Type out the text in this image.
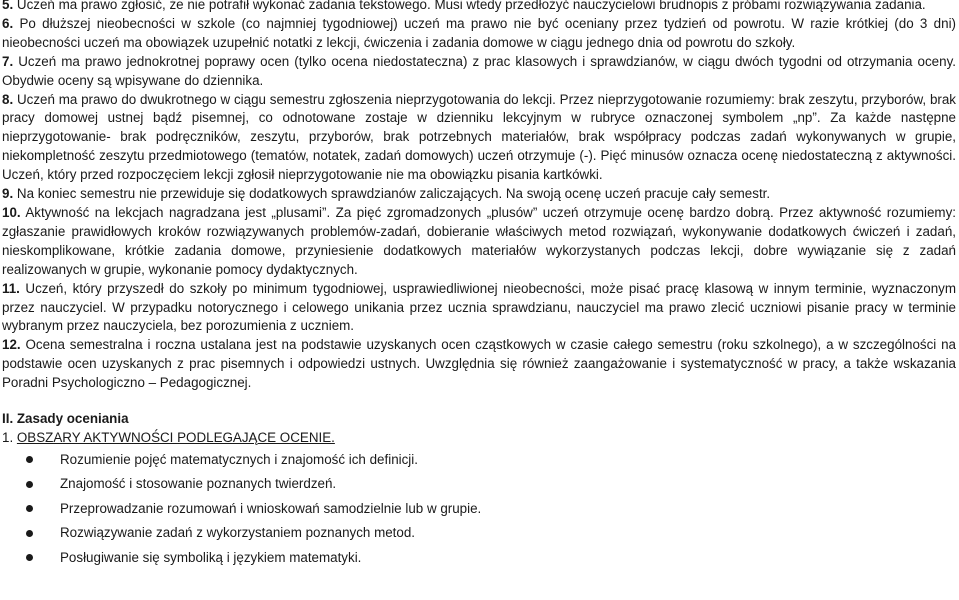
5. Uczeń ma prawo zgłosić, że nie potrafił wykonać zadania tekstowego. Musi wtedy przedłożyć nauczycielowi brudnopis z próbami rozwiązywania zadania.

6. Po dłuższej nieobecności w szkole (co najmniej tygodniowej) uczeń ma prawo nie być oceniany przez tydzień od powrotu. W razie krótkiej (do 3 dni) nieobecności uczeń ma obowiązek uzupełnić notatki z lekcji, ćwiczenia i zadania domowe w ciągu jednego dnia od powrotu do szkoły.

7. Uczeń ma prawo jednokrotnej poprawy ocen (tylko ocena niedostateczna) z prac klasowych i sprawdzianów, w ciągu dwóch tygodni od otrzymania oceny. Obydwie oceny są wpisywane do dziennika.

8. Uczeń ma prawo do dwukrotnego w ciągu semestru zgłoszenia nieprzygotowania do lekcji. Przez nieprzygotowanie rozumiemy: brak zeszytu, przyborów, brak pracy domowej ustnej bądź pisemnej, co odnotowane zostaje w dzienniku lekcyjnym w rubryce oznaczonej symbolem „np”. Za każde następne nieprzygotowanie- brak podręczników, zeszytu, przyborów, brak potrzebnych materiałów, brak współpracy podczas zadań wykonywanych w grupie, niekompletność zeszytu przedmiotowego (tematów, notatek, zadań domowych) uczeń otrzymuje (-). Pięć minusów oznacza ocenę niedostateczną z aktywności. Uczeń, który przed rozpoczęciem lekcji zgłosił nieprzygotowanie nie ma obowiązku pisania kartkówki.

9. Na koniec semestru nie przewiduje się dodatkowych sprawdzianów zaliczających. Na swoją ocenę uczeń pracuje cały semestr.

10. Aktywność na lekcjach nagradzana jest „plusami”. Za pięć zgromadzonych „plusów” uczeń otrzymuje ocenę bardzo dobrą. Przez aktywność rozumiemy: zgłaszanie prawidłowych kroków rozwiązywanych problemów-zadań, dobieranie właściwych metod rozwiązań, wykonywanie dodatkowych ćwiczeń i zadań, nieskomplikowane, krótkie zadania domowe, przyniesienie dodatkowych materiałów wykorzystanych podczas lekcji, dobre wywiązanie się z zadań realizowanych w grupie, wykonanie pomocy dydaktycznych.

11. Uczeń, który przyszedł do szkoły po minimum tygodniowej, usprawiedliwionej nieobecności, może pisać pracę klasową w innym terminie, wyznaczonym przez nauczyciel. W przypadku notorycznego i celowego unikania przez ucznia sprawdzianu, nauczyciel ma prawo zlecić uczniowi pisanie pracy w terminie wybranym przez nauczyciela, bez porozumienia z uczniem.

12. Ocena semestralna i roczna ustalana jest na podstawie uzyskanych ocen cząstkowych w czasie całego semestru (roku szkolnego), a w szczególności na podstawie ocen uzyskanych z prac pisemnych i odpowiedzi ustnych. Uwzględnia się również zaangażowanie i systematyczność w pracy, a także wskazania Poradni Psychologiczno – Pedagogicznej.

II. Zasady oceniania

1. OBSZARY AKTYWNOŚCI PODLEGAJĄCE OCENIE.

Rozumienie pojęć matematycznych i znajomość ich definicji.
Znajomość i stosowanie poznanych twierdzeń.
Przeprowadzanie rozumowań i wnioskowań samodzielnie lub w grupie.
Rozwiązywanie zadań z wykorzystaniem poznanych metod.
Posługiwanie się symboliką i językiem matematyki.
